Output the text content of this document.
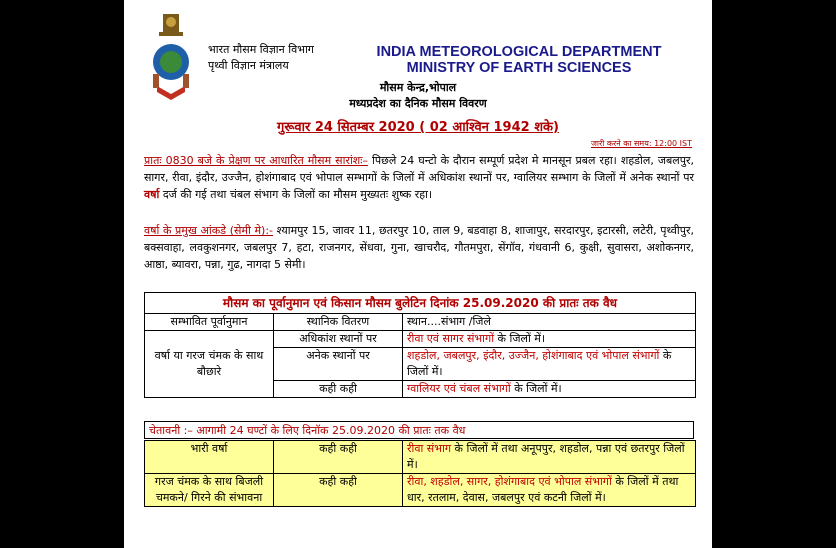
भारत मौसम विज्ञान विभाग
पृथ्वी विज्ञान मंत्रालय
INDIA METEOROLOGICAL DEPARTMENT
MINISTRY OF EARTH SCIENCES
मौसम केन्द्र,भोपाल
मध्यप्रदेश का दैनिक मौसम विवरण
गुरूवार 24 सितम्बर 2020 ( 02 आश्विन 1942 शके)
जारी करने का समय: 12:00 IST
प्रातः 0830 बजे के प्रेक्षण पर आधारित मौसम सारांशः– पिछले 24 घन्टो के दौरान सम्पूर्ण प्रदेश मे मानसून प्रबल रहा। शहडोल, जबलपुर, सागर, रीवा, इंदौर, उज्जैन, होशंगाबाद एवं भोपाल सम्भागों के जिलों में अधिकांश स्थानों पर, ग्वालियर सम्भाग के जिलों में अनेक स्थानों पर वर्षा दर्ज की गई तथा चंबल संभाग के जिलों का मौसम मुख्यतः शुष्क रहा।
वर्षा के प्रमुख आंकडे (सेमी मे):- श्यामपुर 15, जावर 11, छतरपुर 10, ताल 9, बडवाहा 8, शाजापुर, सरदारपुर, इटारसी, लटेरी, पृथ्वीपुर, बक्सवाहा, लवकुशनगर, जबलपुर 7, हटा, राजनगर, सेंधवा, गुना, खाचरौद, गौतमपुरा, सेंगॉव, गंधवानी 6, कुक्षी, सुवासरा, अशोकनगर, आष्ठा, ब्यावरा, पन्ना, गुढ, नागदा 5 सेमी।
मौसम का पूर्वानुमान एवं किसान मौसम बुलेटिन दिनांक 25.09.2020 की प्रातः तक वैध
सम्भावित पूर्वानुमान	स्थानिक वितरण	स्थान....संभाग /जिले
वर्षा या गरज चंमक के साथ बौछारे	अधिकांश स्थानों पर	रीवा एवं सागर संभागों के जिलों में।
	अनेक स्थानों पर	शहडोल, जबलपुर, इंदौर, उज्जैन, होशंगाबाद एवं भोपाल संभागों के जिलों में।
	कही कही	ग्वालियर एवं चंबल संभागों के जिलों में।
चेतावनी :– आगामी 24 घण्टों के लिए दिनॉक 25.09.2020 की प्रातः तक वैध
भारी वर्षा	कही कही	रीवा संभाग के जिलों में तथा अनूपपुर, शहडोल, पन्ना एवं छतरपुर जिलों में।
गरज चंमक के साथ बिजली चमकने/ गिरने की संभावना	कही कही	रीवा, शहडोल, सागर, होशंगाबाद एवं भोपाल संभागों के जिलों में तथा धार, रतलाम, देवास, जबलपुर एवं कटनी जिलों में।
